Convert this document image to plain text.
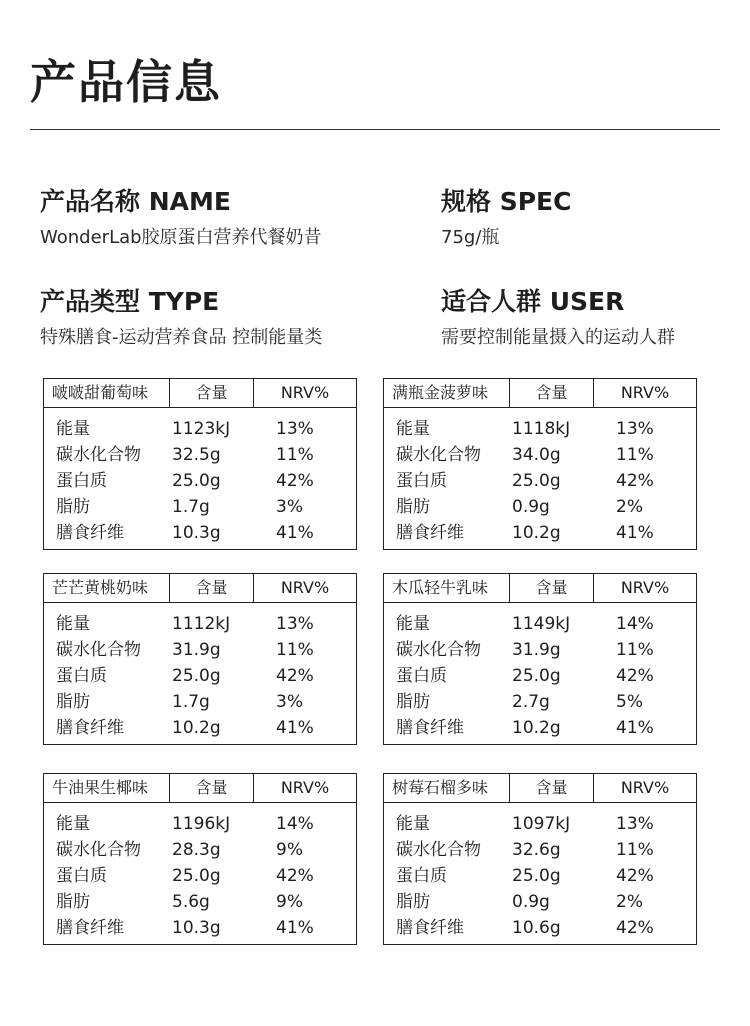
产品信息
产品名称 NAME
WonderLab胶原蛋白营养代餐奶昔
规格 SPEC
75g/瓶
产品类型 TYPE
特殊膳食-运动营养食品 控制能量类
适合人群 USER
需要控制能量摄入的运动人群
啵啵甜葡萄味	含量	NRV%
能量	1123kJ	13%
碳水化合物	32.5g	11%
蛋白质	25.0g	42%
脂肪	1.7g	3%
膳食纤维	10.3g	41%
满瓶金菠萝味	含量	NRV%
能量	1118kJ	13%
碳水化合物	34.0g	11%
蛋白质	25.0g	42%
脂肪	0.9g	2%
膳食纤维	10.2g	41%
芒芒黄桃奶味	含量	NRV%
能量	1112kJ	13%
碳水化合物	31.9g	11%
蛋白质	25.0g	42%
脂肪	1.7g	3%
膳食纤维	10.2g	41%
木瓜轻牛乳味	含量	NRV%
能量	1149kJ	14%
碳水化合物	31.9g	11%
蛋白质	25.0g	42%
脂肪	2.7g	5%
膳食纤维	10.2g	41%
牛油果生椰味	含量	NRV%
能量	1196kJ	14%
碳水化合物	28.3g	9%
蛋白质	25.0g	42%
脂肪	5.6g	9%
膳食纤维	10.3g	41%
树莓石榴多味	含量	NRV%
能量	1097kJ	13%
碳水化合物	32.6g	11%
蛋白质	25.0g	42%
脂肪	0.9g	2%
膳食纤维	10.6g	42%
